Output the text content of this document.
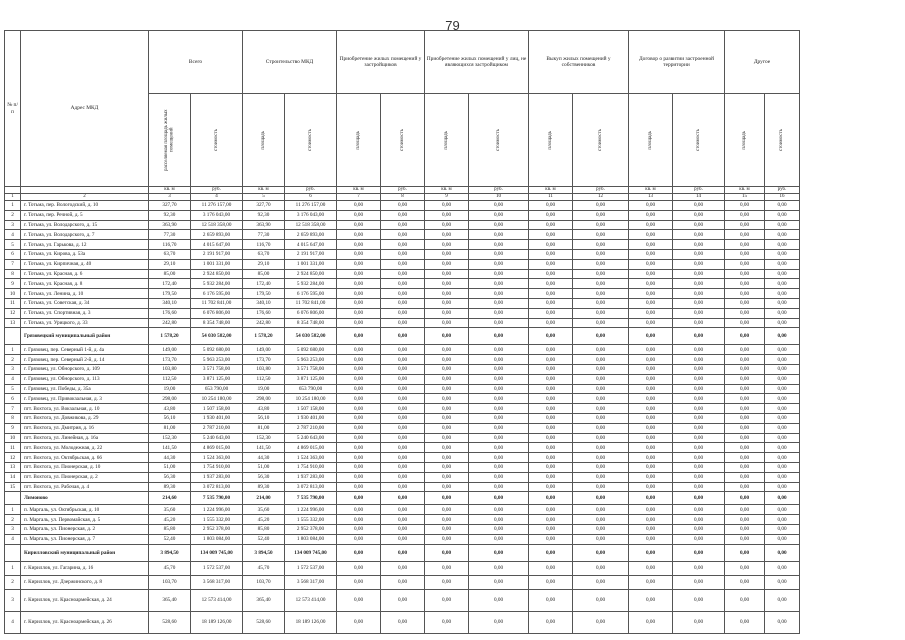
79
№ п/п	Адрес МКД	Всего		Строительство МКД		Приобретение жилых помещений у застройщиков		Приобретение жилых помещений у лиц, не являющихся застройщиком		Выкуп жилых помещений у собственников		Договор о развитии застроенной территории		Другое	

		расселяемая площадь жилых помещений	стоимость	площадь	стоимость	площадь	стоимость	площадь	стоимость	площадь	стоимость	площадь	стоимость	площадь	стоимость

		кв. м	руб.	кв. м	руб.	кв. м	руб.	кв. м	руб.	кв. м	руб.	кв. м	руб.	кв. м	руб.
1	2	3	4	5	6	7	8	9	10	11	12	13	14	15	16
1	г. Тотьма, пер. Вологодский, д. 10	327,70	11 276 157,00	327,70	11 276 157,00	0,00	0,00	0,00	0,00	0,00	0,00	0,00	0,00	0,00	0,00
2	г. Тотьма, пер. Речной, д. 5	92,30	3 176 043,00	92,30	3 176 043,00	0,00	0,00	0,00	0,00	0,00	0,00	0,00	0,00	0,00	0,00
3	г. Тотьма, ул. Володарского, д. 15	363,90	12 518 358,00	363,90	12 518 358,00	0,00	0,00	0,00	0,00	0,00	0,00	0,00	0,00	0,00	0,00
4	г. Тотьма, ул. Володарского, д. 7	77,30	2 659 893,00	77,30	2 659 893,00	0,00	0,00	0,00	0,00	0,00	0,00	0,00	0,00	0,00	0,00
5	г. Тотьма, ул. Гарькова, д. 12	116,70	4 015 647,00	116,70	4 015 647,00	0,00	0,00	0,00	0,00	0,00	0,00	0,00	0,00	0,00	0,00
6	г. Тотьма, ул. Кирова, д. 53а	63,70	2 191 917,00	63,70	2 191 917,00	0,00	0,00	0,00	0,00	0,00	0,00	0,00	0,00	0,00	0,00
7	г. Тотьма, ул. Кирпичная, д. 40	29,10	1 001 331,00	29,10	1 001 331,00	0,00	0,00	0,00	0,00	0,00	0,00	0,00	0,00	0,00	0,00
8	г. Тотьма, ул. Красная, д. 6	85,00	2 924 850,00	85,00	2 924 850,00	0,00	0,00	0,00	0,00	0,00	0,00	0,00	0,00	0,00	0,00
9	г. Тотьма, ул. Красная, д. 8	172,40	5 932 284,00	172,40	5 932 284,00	0,00	0,00	0,00	0,00	0,00	0,00	0,00	0,00	0,00	0,00
10	г. Тотьма, ул. Ленина, д. 10	179,50	6 176 595,00	179,50	6 176 595,00	0,00	0,00	0,00	0,00	0,00	0,00	0,00	0,00	0,00	0,00
11	г. Тотьма, ул. Советская, д. 34	340,10	11 702 841,00	340,10	11 702 841,00	0,00	0,00	0,00	0,00	0,00	0,00	0,00	0,00	0,00	0,00
12	г. Тотьма, ул. Спортивная, д. 3	176,60	6 076 806,00	176,60	6 076 806,00	0,00	0,00	0,00	0,00	0,00	0,00	0,00	0,00	0,00	0,00
13	г. Тотьма, ул. Урицкого, д. 33	242,80	8 354 748,00	242,80	8 354 748,00	0,00	0,00	0,00	0,00	0,00	0,00	0,00	0,00	0,00	0,00
	Грязовецкий муниципальный район	1 578,20	54 030 582,00	1 578,20	54 030 582,00	0,00	0,00	0,00	0,00	0,00	0,00	0,00	0,00	0,00	0,00
1	г. Грязовец, пер. Северный 1-й, д. 4а	149,00	5 092 680,00	149,00	5 092 680,00	0,00	0,00	0,00	0,00	0,00	0,00	0,00	0,00	0,00	0,00
2	г. Грязовец, пер. Северный 2-й, д. 14	173,70	5 963 253,00	173,70	5 963 253,00	0,00	0,00	0,00	0,00	0,00	0,00	0,00	0,00	0,00	0,00
3	г. Грязовец, ул. Обнорского, д. 109	103,80	3 571 758,00	103,80	3 571 758,00	0,00	0,00	0,00	0,00	0,00	0,00	0,00	0,00	0,00	0,00
4	г. Грязовец, ул. Обнорского, д. 113	112,50	3 871 125,00	112,50	3 871 125,00	0,00	0,00	0,00	0,00	0,00	0,00	0,00	0,00	0,00	0,00
5	г. Грязовец, ул. Победы, д. 35а	19,00	653 790,00	19,00	653 790,00	0,00	0,00	0,00	0,00	0,00	0,00	0,00	0,00	0,00	0,00
6	г. Грязовец, ул. Привокзальная, д. 3	298,00	10 254 180,00	298,00	10 254 180,00	0,00	0,00	0,00	0,00	0,00	0,00	0,00	0,00	0,00	0,00
7	пгт. Вохтога, ул. Вокзальная, д. 10	43,80	1 507 158,00	43,80	1 507 158,00	0,00	0,00	0,00	0,00	0,00	0,00	0,00	0,00	0,00	0,00
8	пгт. Вохтога, ул. Довжикова, д. 29	56,10	1 930 401,00	56,10	1 930 401,00	0,00	0,00	0,00	0,00	0,00	0,00	0,00	0,00	0,00	0,00
9	пгт. Вохтога, ул. Дмитрия, д. 16	81,00	2 787 210,00	81,00	2 787 210,00	0,00	0,00	0,00	0,00	0,00	0,00	0,00	0,00	0,00	0,00
10	пгт. Вохтога, ул. Линейная, д. 16а	152,30	5 240 643,00	152,30	5 240 643,00	0,00	0,00	0,00	0,00	0,00	0,00	0,00	0,00	0,00	0,00
11	пгт. Вохтога, ул. Молодежная, д. 22	141,50	4 869 015,00	141,50	4 869 015,00	0,00	0,00	0,00	0,00	0,00	0,00	0,00	0,00	0,00	0,00
12	пгт. Вохтога, ул. Октябрьская, д. 66	44,30	1 524 363,00	44,30	1 524 363,00	0,00	0,00	0,00	0,00	0,00	0,00	0,00	0,00	0,00	0,00
13	пгт. Вохтога, ул. Пионерская, д. 10	51,00	1 754 910,00	51,00	1 754 910,00	0,00	0,00	0,00	0,00	0,00	0,00	0,00	0,00	0,00	0,00
14	пгт. Вохтога, ул. Пионерская, д. 2	56,30	1 937 283,00	56,30	1 937 283,00	0,00	0,00	0,00	0,00	0,00	0,00	0,00	0,00	0,00	0,00
15	пгт. Вохтога, ул. Рабочая, д. 4	89,30	3 072 813,00	89,30	3 072 813,00	0,00	0,00	0,00	0,00	0,00	0,00	0,00	0,00	0,00	0,00
	Лимоново	214,60	7 535 790,00	214,00	7 535 790,00	0,00	0,00	0,00	0,00	0,00	0,00	0,00	0,00	0,00	0,00
1	п. Маргаль, ул. Октябрьская, д. 10	35,60	1 224 996,00	35,60	1 224 996,00	0,00	0,00	0,00	0,00	0,00	0,00	0,00	0,00	0,00	0,00
2	п. Маргаль, ул. Первомайская, д. 5	45,20	1 555 332,00	45,20	1 555 332,00	0,00	0,00	0,00	0,00	0,00	0,00	0,00	0,00	0,00	0,00
3	п. Маргаль, ул. Пионерская, д. 2	85,80	2 952 378,00	85,80	2 952 378,00	0,00	0,00	0,00	0,00	0,00	0,00	0,00	0,00	0,00	0,00
4	п. Маргаль, ул. Пионерская, д. 7	52,40	1 803 084,00	52,40	1 803 084,00	0,00	0,00	0,00	0,00	0,00	0,00	0,00	0,00	0,00	0,00
	Кирилловский муниципальный район	3 894,50	134 009 745,00	3 894,50	134 009 745,00	0,00	0,00	0,00	0,00	0,00	0,00	0,00	0,00	0,00	0,00
1	г. Кириллов, ул. Гагарина, д. 16	45,70	1 572 537,00	45,70	1 572 537,00	0,00	0,00	0,00	0,00	0,00	0,00	0,00	0,00	0,00	0,00
2	г. Кириллов, ул. Дзержинского, д. 8	103,70	3 568 317,00	103,70	3 568 317,00	0,00	0,00	0,00	0,00	0,00	0,00	0,00	0,00	0,00	0,00
3	г. Кириллов, ул. Красноармейская, д. 24	365,40	12 573 414,00	365,40	12 573 414,00	0,00	0,00	0,00	0,00	0,00	0,00	0,00	0,00	0,00	0,00
4	г. Кириллов, ул. Красноармейская, д. 26	528,60	18 189 126,00	528,60	18 189 126,00	0,00	0,00	0,00	0,00	0,00	0,00	0,00	0,00	0,00	0,00
